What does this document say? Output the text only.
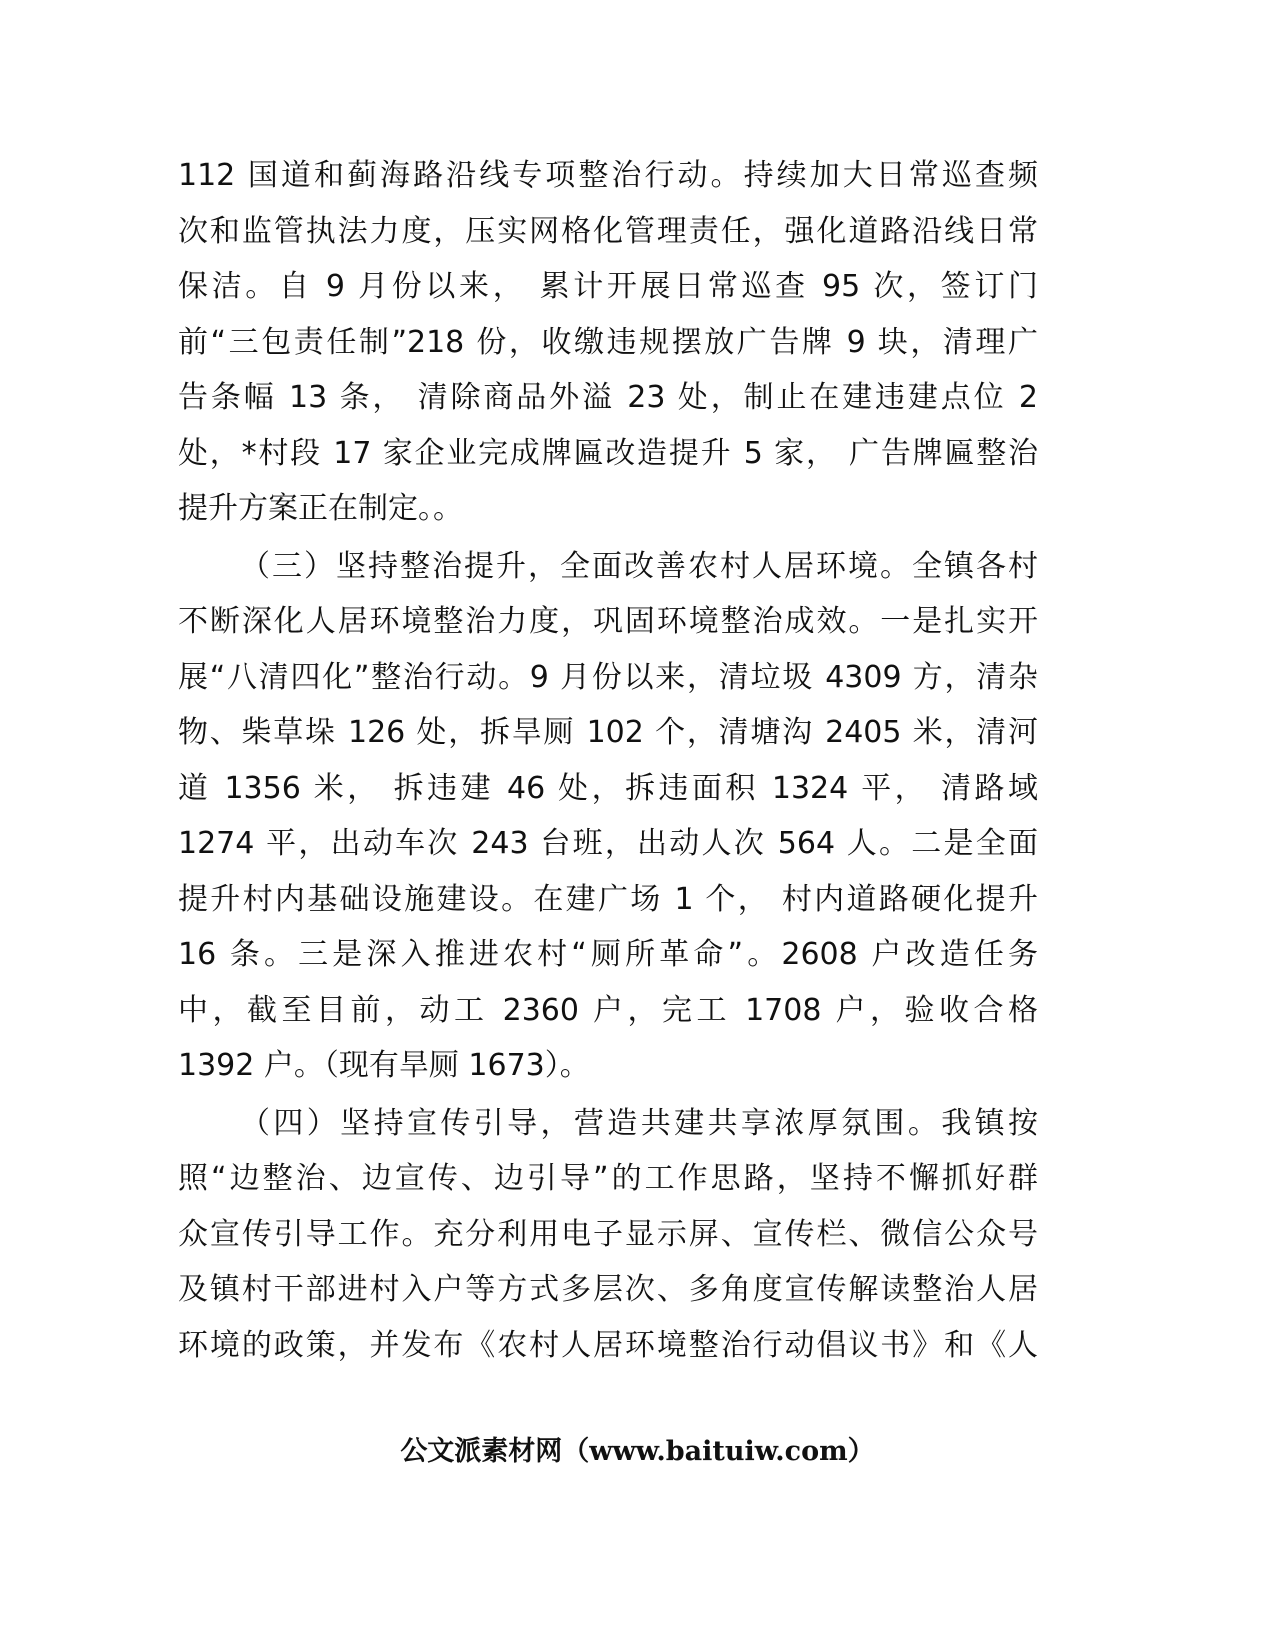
112 国道和蓟海路沿线专项整治行动。持续加大日常巡查频
次和监管执法力度，压实网格化管理责任，强化道路沿线日常
保洁。自 9 月份以来， 累计开展日常巡查 95 次，签订门
前“三包责任制”218 份，收缴违规摆放广告牌 9 块，清理广
告条幅 13 条， 清除商品外溢 23 处，制止在建违建点位 2
处，*村段 17 家企业完成牌匾改造提升 5 家， 广告牌匾整治
提升方案正在制定。。
（三）坚持整治提升，全面改善农村人居环境。全镇各村
不断深化人居环境整治力度，巩固环境整治成效。一是扎实开
展“八清四化”整治行动。9 月份以来，清垃圾 4309 方，清杂
物、柴草垛 126 处，拆旱厕 102 个，清塘沟 2405 米，清河
道 1356 米， 拆违建 46 处，拆违面积 1324 平， 清路域
1274 平，出动车次 243 台班，出动人次 564 人。二是全面
提升村内基础设施建设。在建广场 1 个， 村内道路硬化提升
16 条。三是深入推进农村“厕所革命”。2608 户改造任务
中，截至目前，动工 2360 户，完工 1708 户，验收合格
1392 户。（现有旱厕 1673）。
（四）坚持宣传引导，营造共建共享浓厚氛围。我镇按
照“边整治、边宣传、边引导”的工作思路，坚持不懈抓好群
众宣传引导工作。充分利用电子显示屏、宣传栏、微信公众号
及镇村干部进村入户等方式多层次、多角度宣传解读整治人居
环境的政策，并发布《农村人居环境整治行动倡议书》和《人
公文派素材网（www.baituiw.com）
